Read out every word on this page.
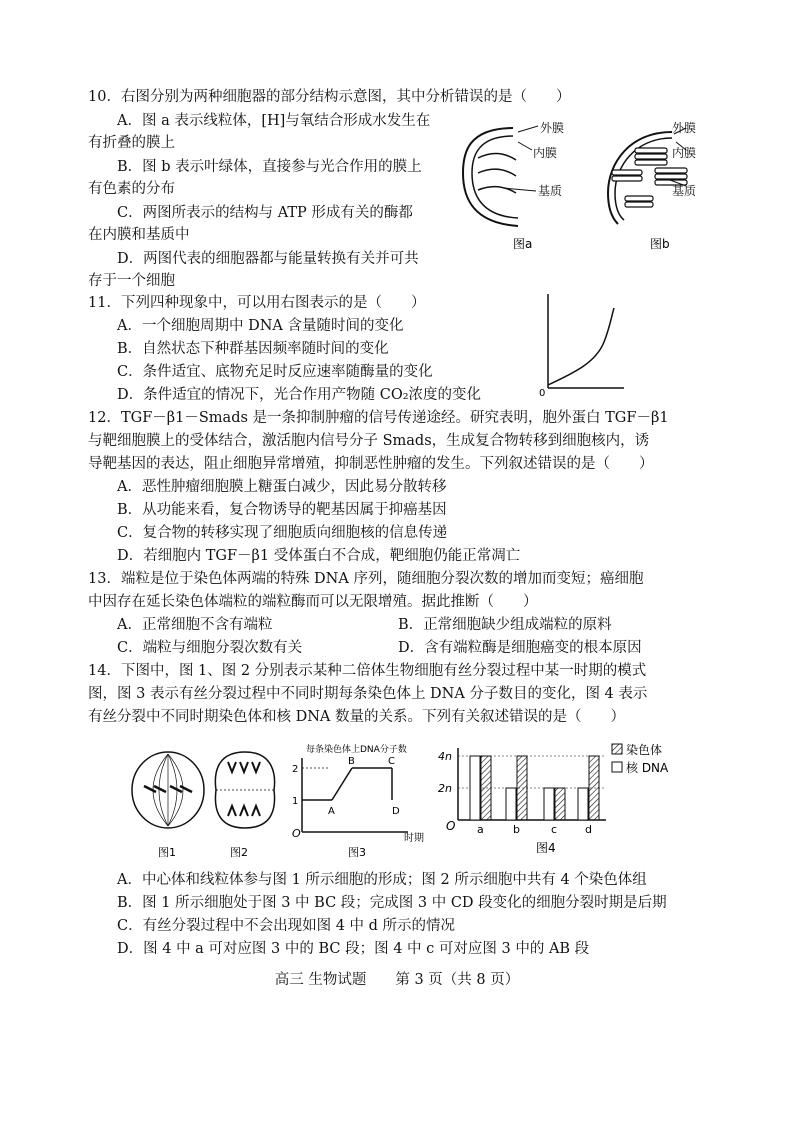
10．右图分别为两种细胞器的部分结构示意图，其中分析错误的是（　　）
A．图 a 表示线粒体，[H]与氧结合形成水发生在
有折叠的膜上
B．图 b 表示叶绿体，直接参与光合作用的膜上
有色素的分布
C．两图所表示的结构与 ATP 形成有关的酶都
在内膜和基质中
D．两图代表的细胞器都与能量转换有关并可共
存于一个细胞
图a
外膜
内膜
基质
图b
外膜
内膜
基质
11．下列四种现象中，可以用右图表示的是（　　）
A．一个细胞周期中 DNA 含量随时间的变化
B．自然状态下种群基因频率随时间的变化
C．条件适宜、底物充足时反应速率随酶量的变化
D．条件适宜的情况下，光合作用产物随 CO₂浓度的变化	0
12．TGF－β1－Smads 是一条抑制肿瘤的信号传递途经。研究表明，胞外蛋白 TGF－β1
与靶细胞膜上的受体结合，激活胞内信号分子 Smads，生成复合物转移到细胞核内，诱
导靶基因的表达，阻止细胞异常增殖，抑制恶性肿瘤的发生。下列叙述错误的是（　　）
A．恶性肿瘤细胞膜上糖蛋白减少，因此易分散转移
B．从功能来看，复合物诱导的靶基因属于抑癌基因
C．复合物的转移实现了细胞质向细胞核的信息传递
D．若细胞内 TGF－β1 受体蛋白不合成，靶细胞仍能正常凋亡
13．端粒是位于染色体两端的特殊 DNA 序列，随细胞分裂次数的增加而变短；癌细胞
中因存在延长染色体端粒的端粒酶而可以无限增殖。据此推断（　　）
A．正常细胞不含有端粒	B．正常细胞缺少组成端粒的原料
C．端粒与细胞分裂次数有关	D．含有端粒酶是细胞癌变的根本原因
14．下图中，图 1、图 2 分别表示某种二倍体生物细胞有丝分裂过程中某一时期的模式
图，图 3 表示有丝分裂过程中不同时期每条染色体上 DNA 分子数目的变化，图 4 表示
有丝分裂中不同时期染色体和核 DNA 数量的关系。下列有关叙述错误的是（　　）
图1	图2
每条染色体上DNA分子数
1
2
A
B	C
D
O	时期
图3
4n
2n
a	b	c	d
O
染色体
核 DNA
图4
A．中心体和线粒体参与图 1 所示细胞的形成；图 2 所示细胞中共有 4 个染色体组
B．图 1 所示细胞处于图 3 中 BC 段；完成图 3 中 CD 段变化的细胞分裂时期是后期
C．有丝分裂过程中不会出现如图 4 中 d 所示的情况
D．图 4 中 a 可对应图 3 中的 BC 段；图 4 中 c 可对应图 3 中的 AB 段
高三 生物试题　　第 3 页（共 8 页）
